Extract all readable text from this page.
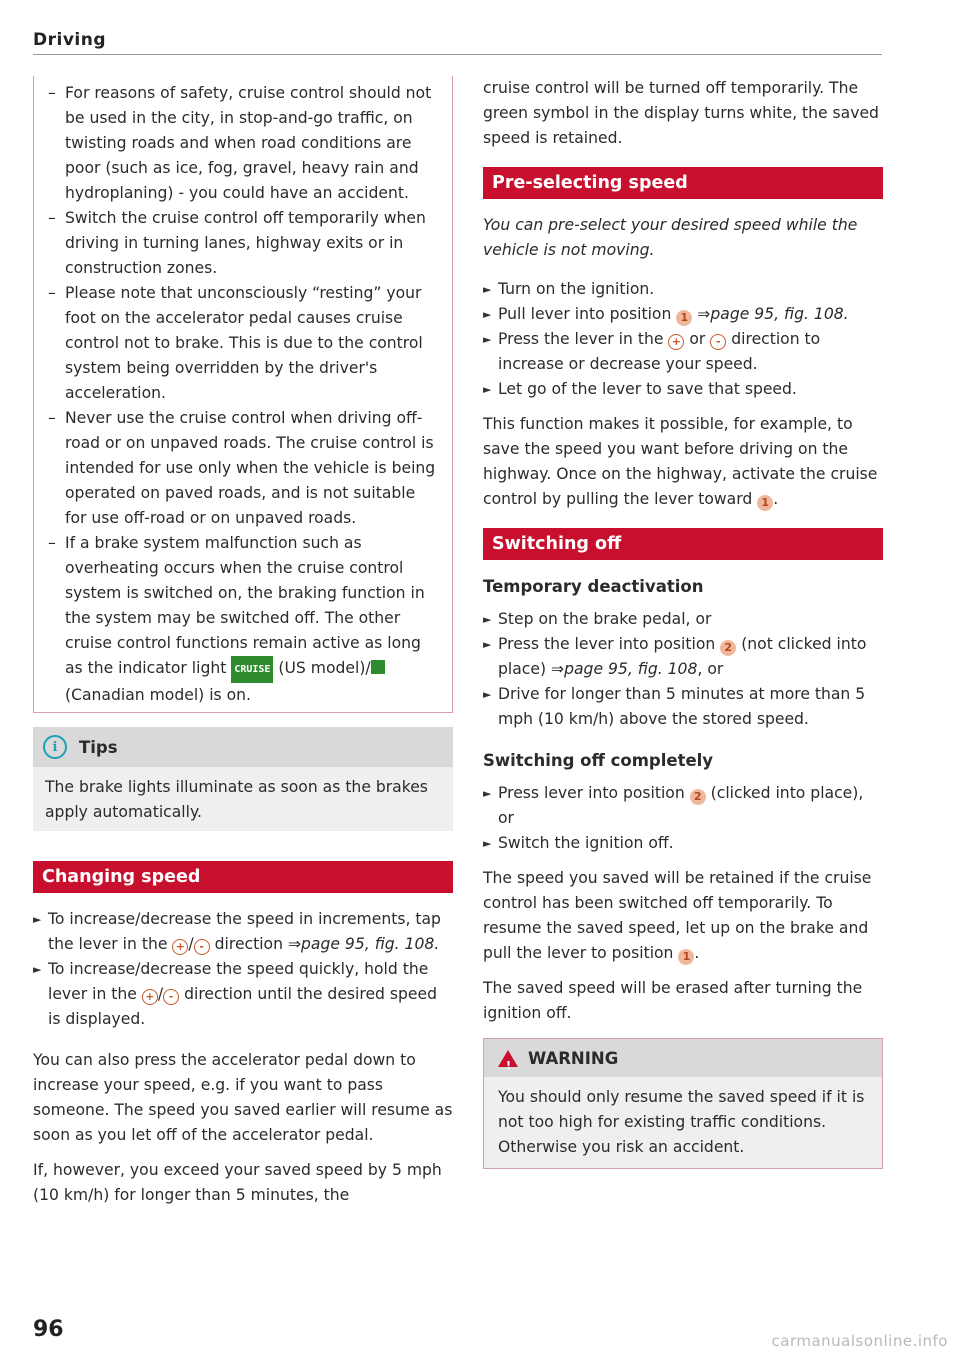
Driving
– For reasons of safety, cruise control should not be used in the city, in stop-and-go traffic, on twisting roads and when road conditions are poor (such as ice, fog, gravel, heavy rain and hydroplaning) - you could have an accident.
– Switch the cruise control off temporarily when driving in turning lanes, highway exits or in construction zones.
– Please note that unconsciously “resting” your foot on the accelerator pedal causes cruise control not to brake. This is due to the control system being overridden by the driver's acceleration.
– Never use the cruise control when driving off-road or on unpaved roads. The cruise control is intended for use only when the vehicle is being operated on paved roads, and is not suitable for use off-road or on unpaved roads.
– If a brake system malfunction such as overheating occurs when the cruise control system is switched on, the braking function in the system may be switched off. The other cruise control functions remain active as long as the indicator light CRUISE (US model)/ (Canadian model) is on.
i	Tips
The brake lights illuminate as soon as the brakes apply automatically.
Changing speed
► To increase/decrease the speed in increments, tap the lever in the + / - direction ⇒page 95, fig. 108.
► To increase/decrease the speed quickly, hold the lever in the + / - direction until the desired speed is displayed.
You can also press the accelerator pedal down to increase your speed, e.g. if you want to pass someone. The speed you saved earlier will resume as soon as you let off of the accelerator pedal.
If, however, you exceed your saved speed by 5 mph (10 km/h) for longer than 5 minutes, the
cruise control will be turned off temporarily. The green symbol in the display turns white, the saved speed is retained.
Pre-selecting speed
You can pre-select your desired speed while the vehicle is not moving.
► Turn on the ignition.
► Pull lever into position 1 ⇒page 95, fig. 108.
► Press the lever in the + or - direction to increase or decrease your speed.
► Let go of the lever to save that speed.
This function makes it possible, for example, to save the speed you want before driving on the highway. Once on the highway, activate the cruise control by pulling the lever toward 1 .
Switching off
Temporary deactivation
► Step on the brake pedal, or
► Press the lever into position 2 (not clicked into place) ⇒page 95, fig. 108, or
► Drive for longer than 5 minutes at more than 5 mph (10 km/h) above the stored speed.
Switching off completely
► Press lever into position 2 (clicked into place), or
► Switch the ignition off.
The speed you saved will be retained if the cruise control has been switched off temporarily. To resume the saved speed, let up on the brake and pull the lever to position 1 .
The saved speed will be erased after turning the ignition off.
! WARNING
You should only resume the saved speed if it is not too high for existing traffic conditions. Otherwise you risk an accident.
96	carmanualsonline.info
